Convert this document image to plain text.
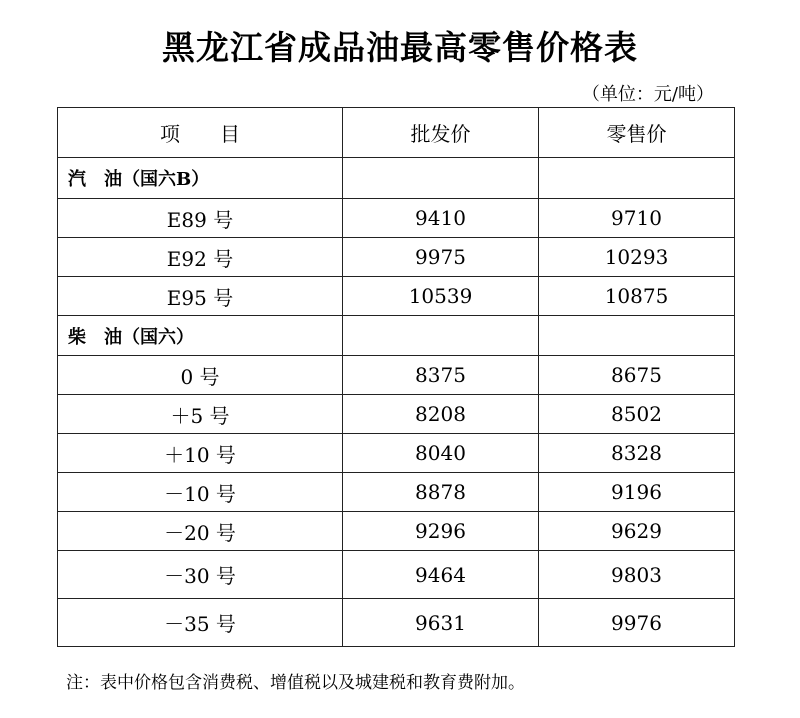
黑龙江省成品油最高零售价格表
（单位：元/吨）
项　　目	批发价	零售价
汽　油（国六B）		
E89 号	9410	9710
E92 号	9975	10293
E95 号	10539	10875
柴　油（国六）		
0 号	8375	8675
＋5 号	8208	8502
＋10 号	8040	8328
－10 号	8878	9196
－20 号	9296	9629
－30 号	9464	9803
－35 号	9631	9976
注：表中价格包含消费税、增值税以及城建税和教育费附加。
